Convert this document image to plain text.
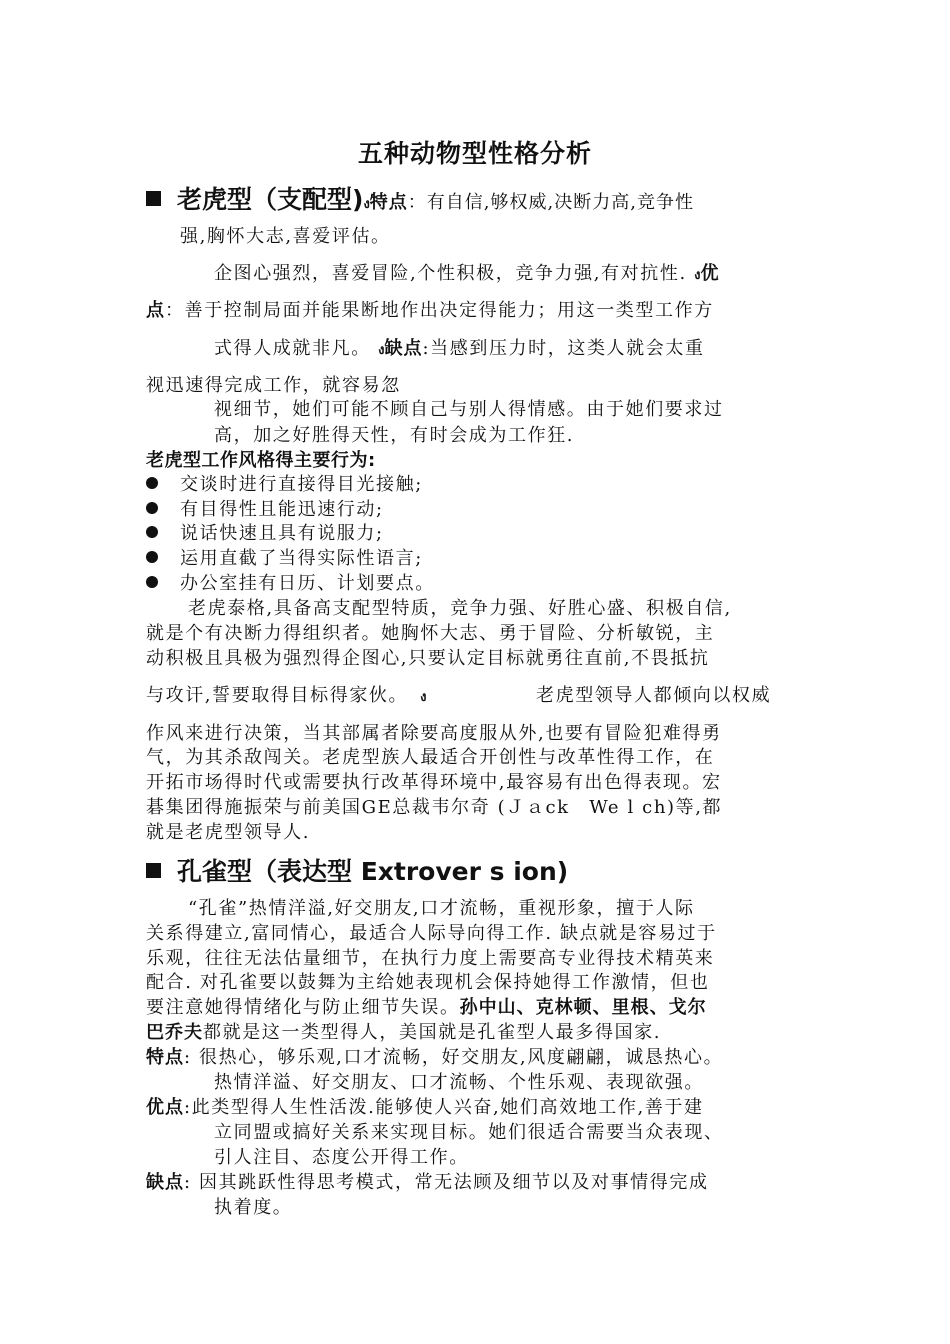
五种动物型性格分析
老虎型（支配型)ง特点：有自信,够权威,决断力高,竞争性
强,胸怀大志,喜爱评估。
企图心强烈，喜爱冒险,个性积极，竞争力强,有对抗性. ง优
点：善于控制局面并能果断地作出决定得能力；用这一类型工作方
式得人成就非凡。 ง缺点:当感到压力时，这类人就会太重
视迅速得完成工作，就容易忽
视细节，她们可能不顾自己与别人得情感。由于她们要求过
高，加之好胜得天性，有时会成为工作狂.
老虎型工作风格得主要行为:
交谈时进行直接得目光接触;
有目得性且能迅速行动;
说话快速且具有说服力;
运用直截了当得实际性语言;
办公室挂有日历、计划要点。
老虎泰格,具备高支配型特质，竞争力强、好胜心盛、积极自信,
就是个有决断力得组织者。她胸怀大志、勇于冒险、分析敏锐，主
动积极且具极为强烈得企图心,只要认定目标就勇往直前,不畏抵抗
与攻讦,誓要取得目标得家伙。 ง	老虎型领导人都倾向以权威
作风来进行决策，当其部属者除要高度服从外,也要有冒险犯难得勇
气，为其杀敌闯关。老虎型族人最适合开创性与改革性得工作，在
开拓市场得时代或需要执行改革得环境中,最容易有出色得表现。宏
碁集团得施振荣与前美国GE总裁韦尔奇 (Ｊａck　We l ch)等,都
就是老虎型领导人.
孔雀型（表达型 Extrover s ion)
“孔雀”热情洋溢,好交朋友,口才流畅，重视形象，擅于人际
关系得建立,富同情心，最适合人际导向得工作. 缺点就是容易过于
乐观，往往无法估量细节，在执行力度上需要高专业得技术精英来
配合. 对孔雀要以鼓舞为主给她表现机会保持她得工作激情，但也
要注意她得情绪化与防止细节失误。孙中山、克林顿、里根、戈尔
巴乔夫都就是这一类型得人，美国就是孔雀型人最多得国家.
特点: 很热心，够乐观,口才流畅，好交朋友,风度翩翩，诚恳热心。
热情洋溢、好交朋友、口才流畅、个性乐观、表现欲强。
优点:此类型得人生性活泼.能够使人兴奋,她们高效地工作,善于建
立同盟或搞好关系来实现目标。她们很适合需要当众表现、
引人注目、态度公开得工作。
缺点: 因其跳跃性得思考模式，常无法顾及细节以及对事情得完成
执着度。
